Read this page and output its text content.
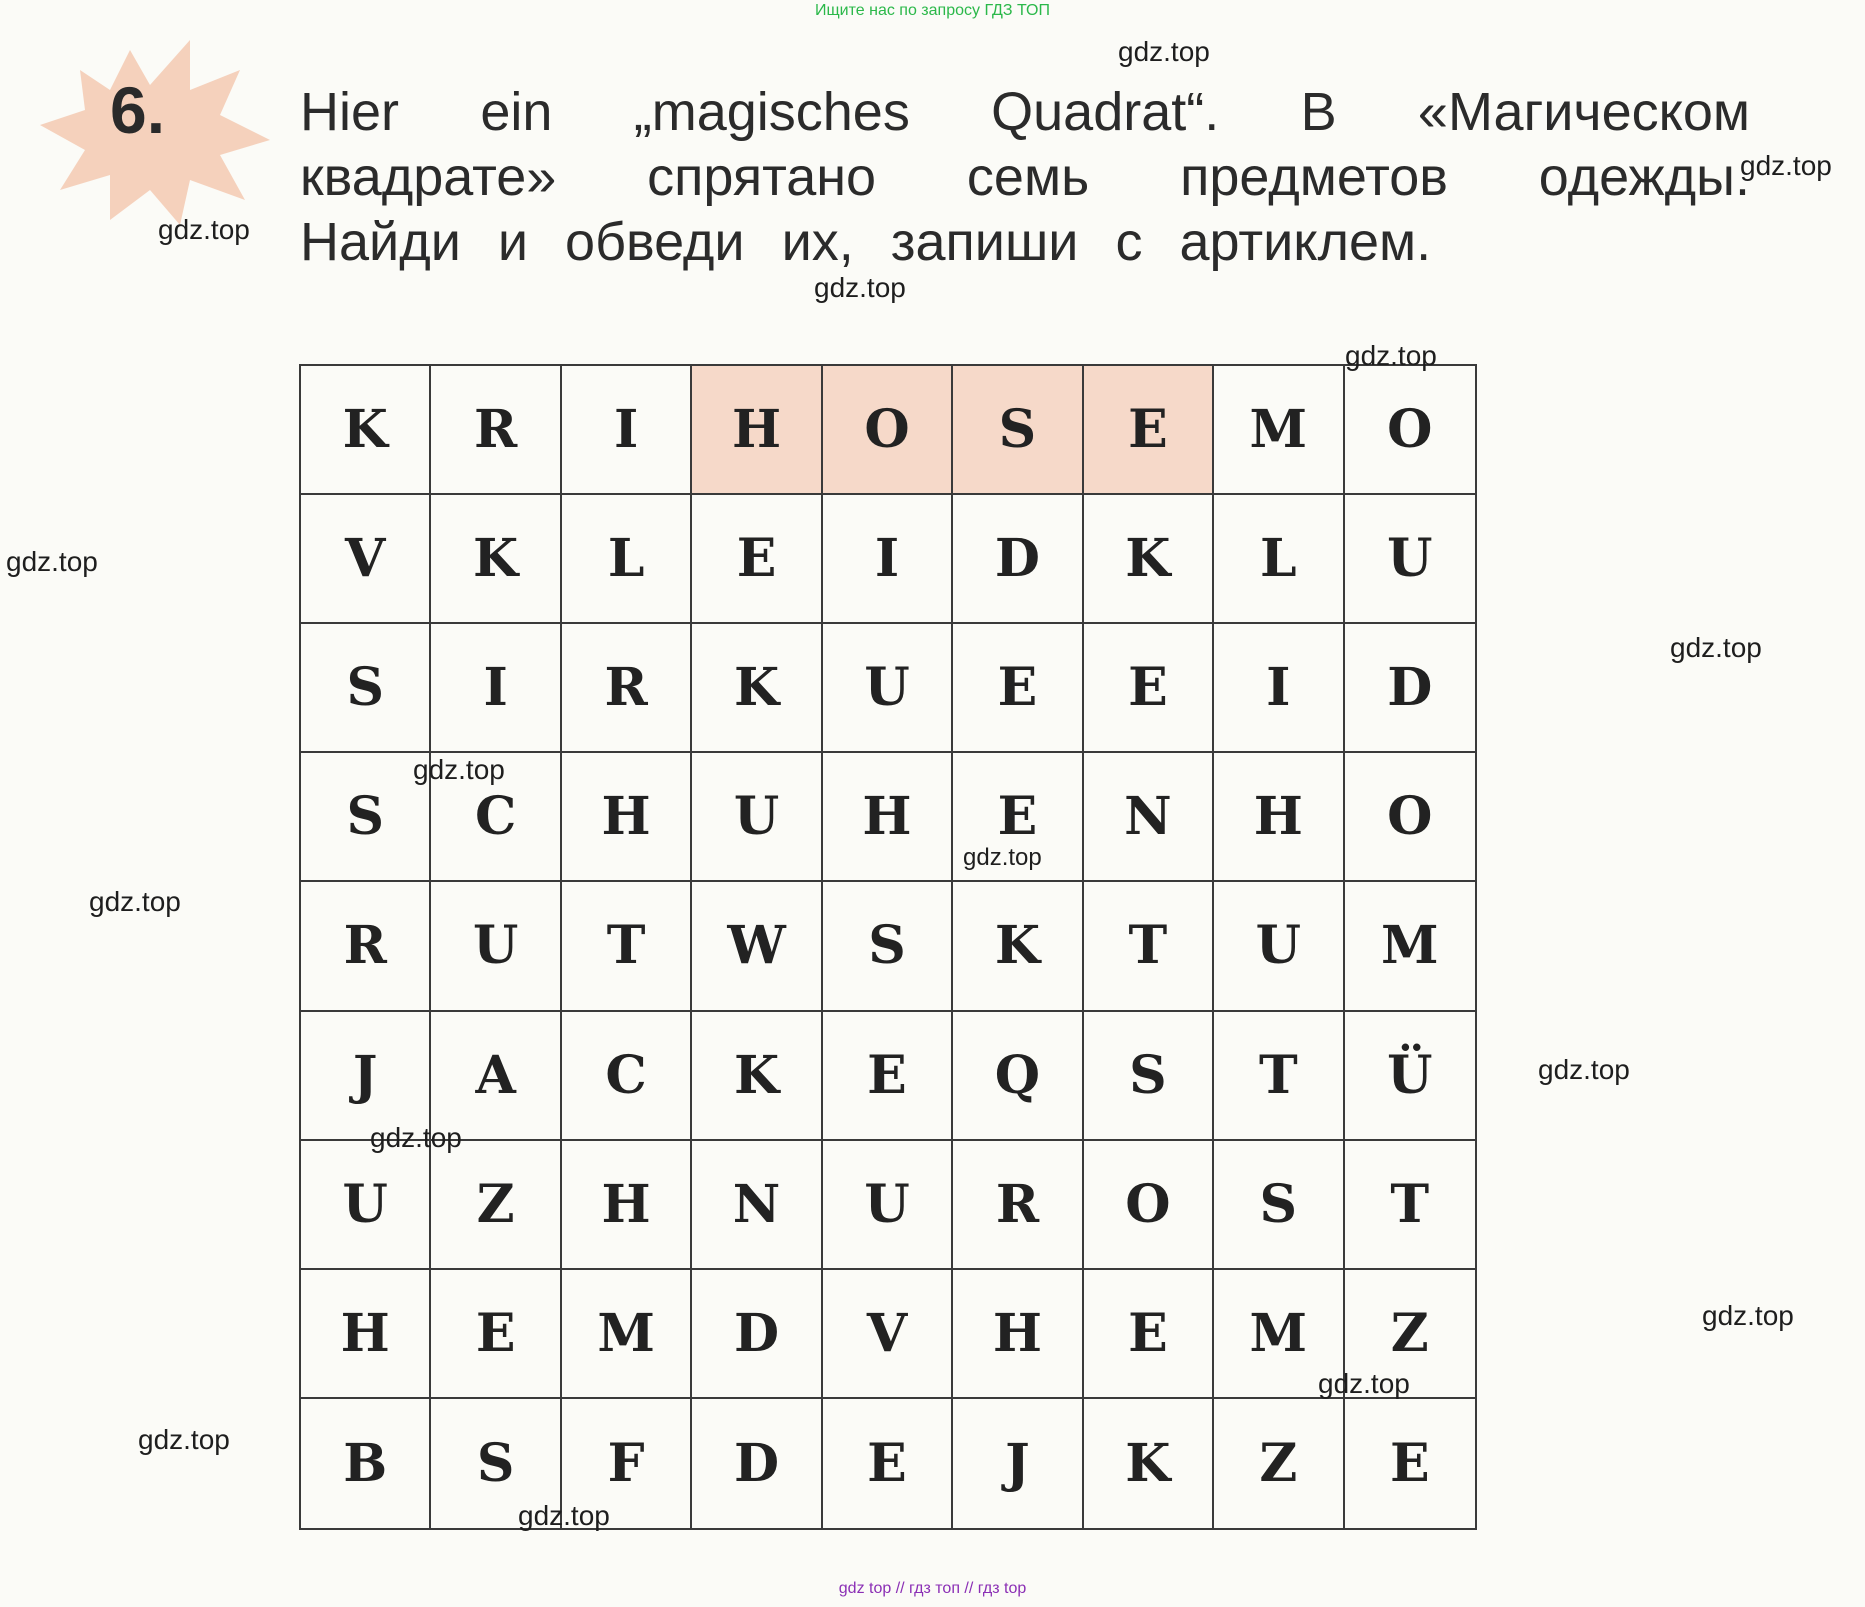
Ищите нас по запросу ГДЗ ТОП
6. Hier ein „magisches Quadrat“. В «Магическом
квадрате» спрятано семь предметов одежды.
Найди и обведи их, запиши с артиклем.
K	R	I	H	O	S	E	M	O
V	K	L	E	I	D	K	L	U
S	I	R	K	U	E	E	I	D
S	C	H	U	H	E	N	H	O
R	U	T	W	S	K	T	U	M
J	A	C	K	E	Q	S	T	Ü
U	Z	H	N	U	R	O	S	T
H	E	M	D	V	H	E	M	Z
B	S	F	D	E	J	K	Z	E
gdz.top
gdz.top
gdz.top
gdz.top
gdz.top
gdz.top
gdz.top
gdz.top
gdz.top
gdz.top
gdz.top
gdz.top
gdz.top
gdz.top
gdz.top
gdz.top
gdz top // гдз топ // гдз top
